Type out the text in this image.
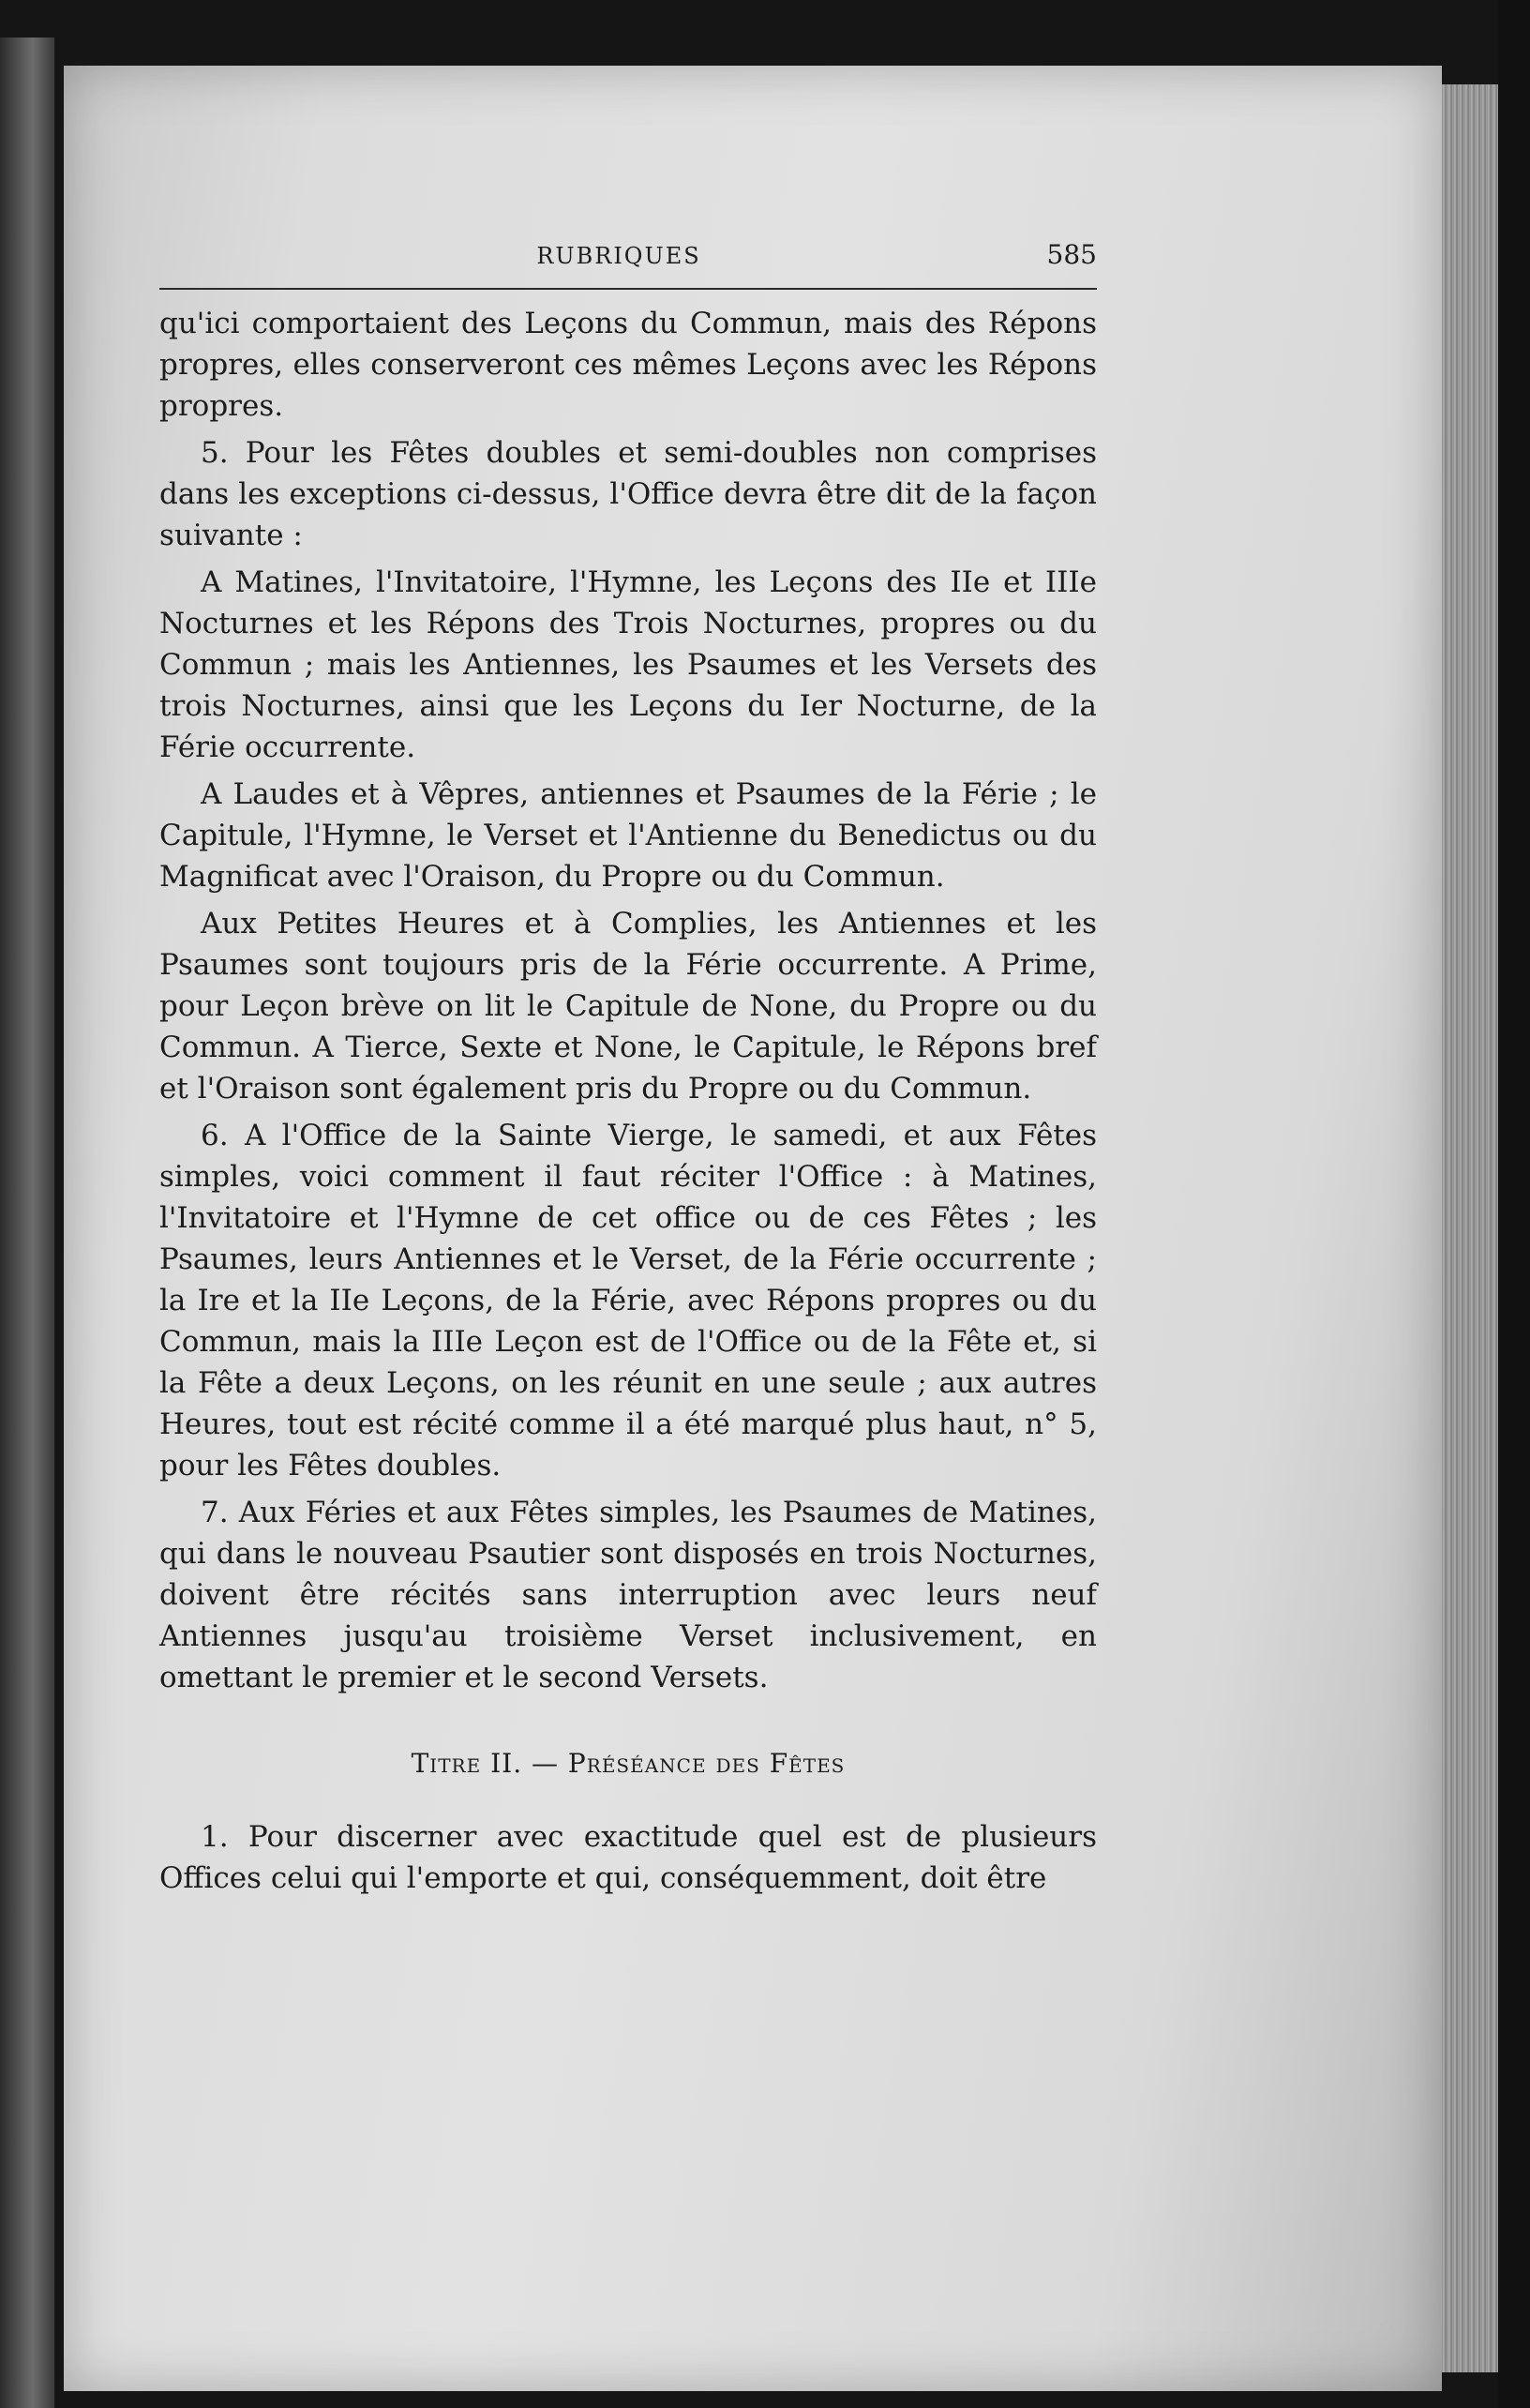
RUBRIQUES	585

qu'ici comportaient des Leçons du Commun, mais des Répons propres, elles conserveront ces mêmes Leçons avec les Répons propres.

5. Pour les Fêtes doubles et semi-doubles non comprises dans les exceptions ci-dessus, l'Office devra être dit de la façon suivante :

A Matines, l'Invitatoire, l'Hymne, les Leçons des IIe et IIIe Nocturnes et les Répons des Trois Nocturnes, propres ou du Commun ; mais les Antiennes, les Psaumes et les Versets des trois Nocturnes, ainsi que les Leçons du Ier Nocturne, de la Férie occurrente.

A Laudes et à Vêpres, antiennes et Psaumes de la Férie ; le Capitule, l'Hymne, le Verset et l'Antienne du Benedictus ou du Magnificat avec l'Oraison, du Propre ou du Commun.

Aux Petites Heures et à Complies, les Antiennes et les Psaumes sont toujours pris de la Férie occurrente. A Prime, pour Leçon brève on lit le Capitule de None, du Propre ou du Commun. A Tierce, Sexte et None, le Capitule, le Répons bref et l'Oraison sont également pris du Propre ou du Commun.

6. A l'Office de la Sainte Vierge, le samedi, et aux Fêtes simples, voici comment il faut réciter l'Office : à Matines, l'Invitatoire et l'Hymne de cet office ou de ces Fêtes ; les Psaumes, leurs Antiennes et le Verset, de la Férie occurrente ; la Ire et la IIe Leçons, de la Férie, avec Répons propres ou du Commun, mais la IIIe Leçon est de l'Office ou de la Fête et, si la Fête a deux Leçons, on les réunit en une seule ; aux autres Heures, tout est récité comme il a été marqué plus haut, n° 5, pour les Fêtes doubles.

7. Aux Féries et aux Fêtes simples, les Psaumes de Matines, qui dans le nouveau Psautier sont disposés en trois Nocturnes, doivent être récités sans interruption avec leurs neuf Antiennes jusqu'au troisième Verset inclusivement, en omettant le premier et le second Versets.

Titre II. — Préséance des Fêtes

1. Pour discerner avec exactitude quel est de plusieurs Offices celui qui l'emporte et qui, conséquemment, doit être
